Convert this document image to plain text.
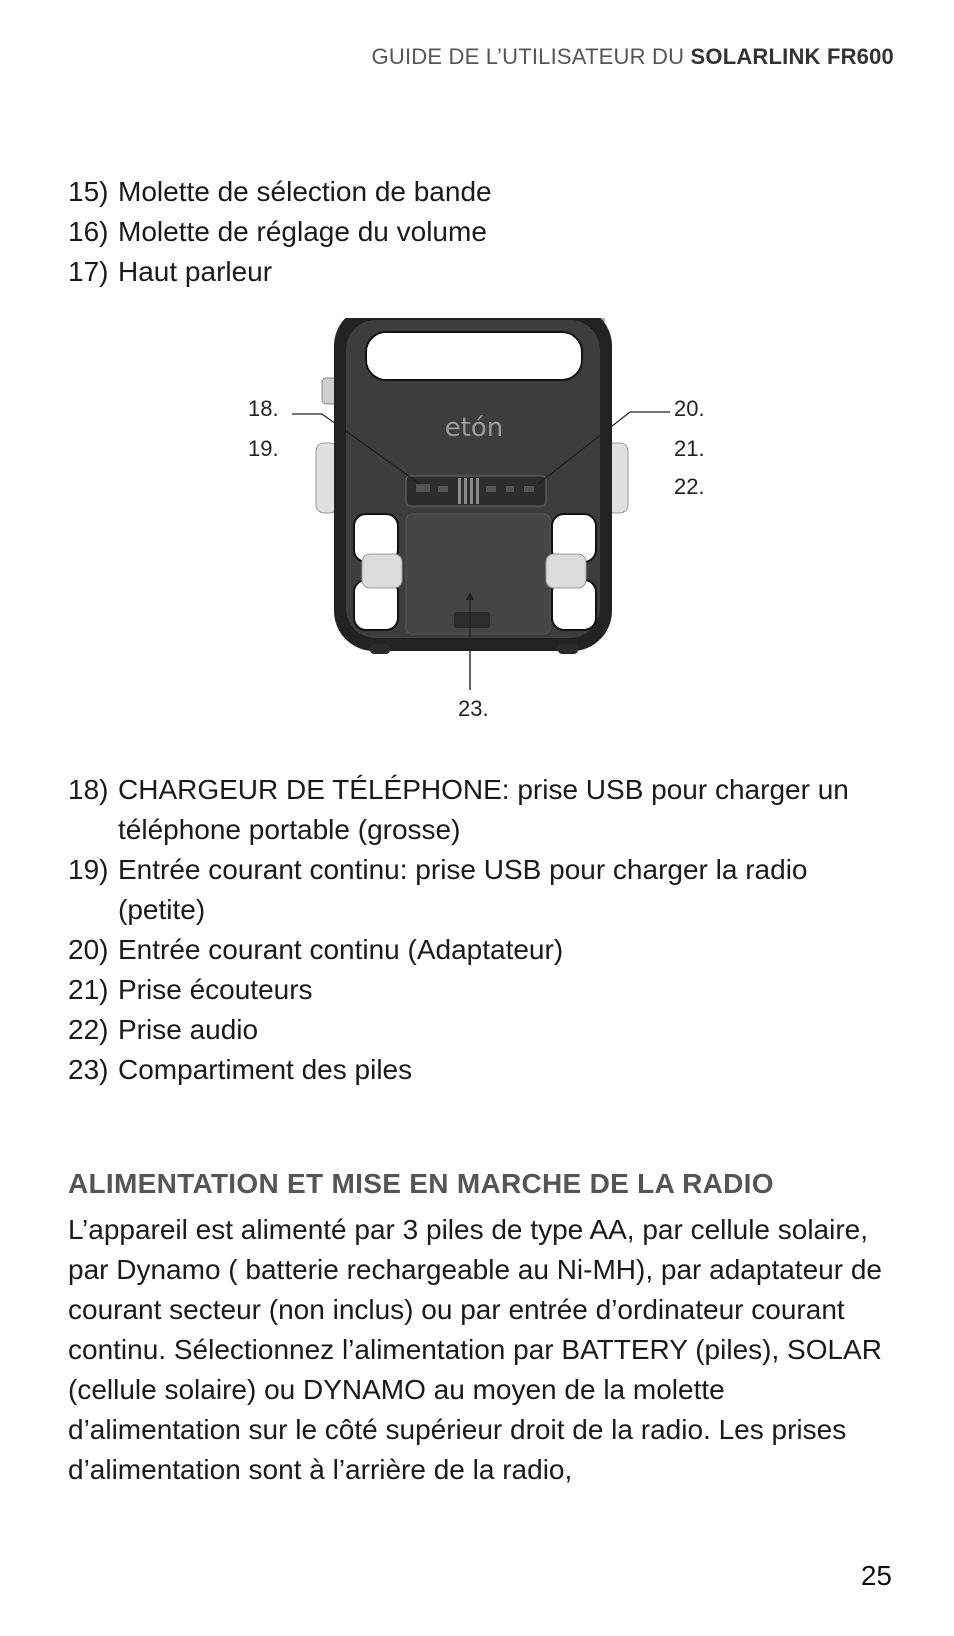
GUIDE DE L’UTILISATEUR DU SOLARLINK FR600
15) Molette de sélection de bande
16) Molette de réglage du volume
17) Haut parleur
etón
18.
19.
20.
21.
22.
23.
18) CHARGEUR DE TÉLÉPHONE: prise USB pour charger un téléphone portable (grosse)
19) Entrée courant continu: prise USB pour charger la radio (petite)
20) Entrée courant continu (Adaptateur)
21) Prise écouteurs
22) Prise audio
23) Compartiment des piles
ALIMENTATION ET MISE EN MARCHE DE LA RADIO

L’appareil est alimenté par 3 piles de type AA, par cellule solaire, par Dynamo ( batterie rechargeable au Ni-MH), par adaptateur de courant secteur (non inclus) ou par entrée d’ordinateur courant continu. Sélectionnez l’alimentation par BATTERY (piles), SOLAR (cellule solaire) ou DYNAMO au moyen de la molette d’alimentation sur le côté supérieur droit de la radio. Les prises d’alimentation sont à l’arrière de la radio,

25
